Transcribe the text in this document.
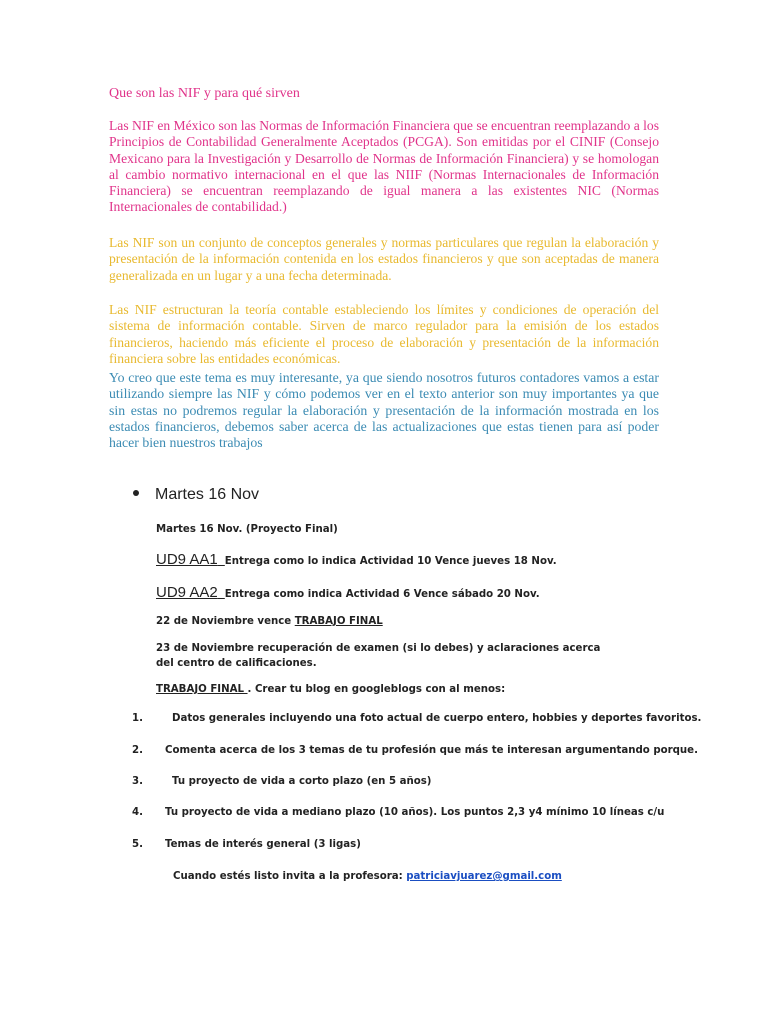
Que son las NIF y para qué sirven

Las NIF en México son las Normas de Información Financiera que se encuentran reemplazando a los Principios de Contabilidad Generalmente Aceptados (PCGA). Son emitidas por el CINIF (Consejo Mexicano para la Investigación y Desarrollo de Normas de Información Financiera) y se homologan al cambio normativo internacional en el que las NIIF (Normas Internacionales de Información Financiera) se encuentran reemplazando de igual manera a las existentes NIC (Normas Internacionales de contabilidad.)

Las NIF son un conjunto de conceptos generales y normas particulares que regulan la elaboración y presentación de la información contenida en los estados financieros y que son aceptadas de manera generalizada en un lugar y a una fecha determinada.

Las NIF estructuran la teoría contable estableciendo los límites y condiciones de operación del sistema de información contable. Sirven de marco regulador para la emisión de los estados financieros, haciendo más eficiente el proceso de elaboración y presentación de la información financiera sobre las entidades económicas.

Yo creo que este tema es muy interesante, ya que siendo nosotros futuros contadores vamos a estar utilizando siempre las NIF y cómo podemos ver en el texto anterior son muy importantes ya que sin estas no podremos regular la elaboración y presentación de la información mostrada en los estados financieros, debemos saber acerca de las actualizaciones que estas tienen para así poder hacer bien nuestros trabajos

Martes 16 Nov
Martes 16 Nov. (Proyecto Final)
UD9 AA1 Entrega como lo indica Actividad 10 Vence jueves 18 Nov.
UD9 AA2 Entrega como indica Actividad 6 Vence sábado 20 Nov.
22 de Noviembre vence TRABAJO FINAL
23 de Noviembre recuperación de examen (si lo debes) y aclaraciones acerca del centro de calificaciones.
TRABAJO FINAL . Crear tu blog en googleblogs con al menos:
1.	Datos generales incluyendo una foto actual de cuerpo entero, hobbies y deportes favoritos.
2. Comenta acerca de los 3 temas de tu profesión que más te interesan argumentando porque.
3.	Tu proyecto de vida a corto plazo (en 5 años)
4. Tu proyecto de vida a mediano plazo (10 años). Los puntos 2,3 y4 mínimo 10 líneas c/u
5. Temas de interés general (3 ligas)
Cuando estés listo invita a la profesora: patriciavjuarez@gmail.com
